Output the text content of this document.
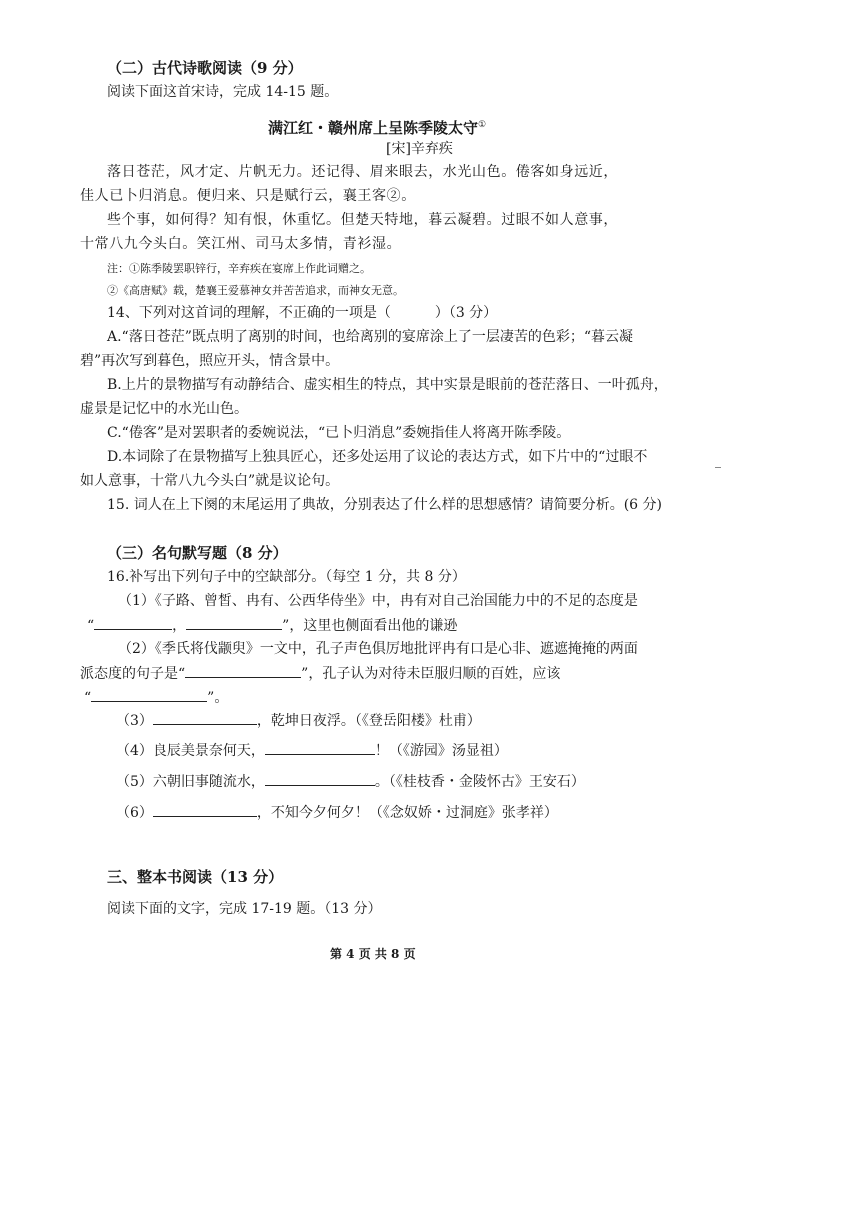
（二）古代诗歌阅读（9 分）
阅读下面这首宋诗，完成 14-15 题。
满江红・赣州席上呈陈季陵太守①
[宋]辛弃疾
落日苍茫，风才定、片帆无力。还记得、眉来眼去，水光山色。倦客如身远近，
佳人已卜归消息。便归来、只是赋行云，襄王客②。
些个事，如何得？知有恨，休重忆。但楚天特地，暮云凝碧。过眼不如人意事，
十常八九今头白。笑江州、司马太多情，青衫湿。
注：①陈季陵罢职锌行，辛弃疾在宴席上作此词赠之。
②《高唐赋》载，楚襄王爱慕神女并苦苦追求，而神女无意。
14、下列对这首词的理解，不正确的一项是（	）（3 分）
A.“落日苍茫”既点明了离别的时间，也给离别的宴席涂上了一层凄苦的色彩；“暮云凝
碧”再次写到暮色，照应开头，情含景中。
B.上片的景物描写有动静结合、虚实相生的特点，其中实景是眼前的苍茫落日、一叶孤舟，
虚景是记忆中的水光山色。
C.“倦客”是对罢职者的委婉说法，“已卜归消息”委婉指佳人将离开陈季陵。
D.本词除了在景物描写上独具匠心，还多处运用了议论的表达方式，如下片中的“过眼不
如人意事，十常八九今头白”就是议论句。
15. 词人在上下阕的末尾运用了典故，分别表达了什么样的思想感情？请简要分析。(6 分)
（三）名句默写题（8 分）
16.补写出下列句子中的空缺部分。（每空 1 分，共 8 分）
（1）《子路、曾皙、冉有、公西华侍坐》中，冉有对自己治国能力中的不足的态度是
“	，	”，这里也侧面看出他的谦逊
（2）《季氏将伐颛臾》一文中，孔子声色俱厉地批评冉有口是心非、遮遮掩掩的两面
派态度的句子是“	”，孔子认为对待未臣服归顺的百姓，应该
“	”。
（3）	，乾坤日夜浮。（《登岳阳楼》杜甫）
（4）良辰美景奈何天，	！（《游园》汤显祖）
（5）六朝旧事随流水，	。（《桂枝香・金陵怀古》王安石）
（6）	，不知今夕何夕！（《念奴娇・过洞庭》张孝祥）
三、整本书阅读（13 分）
阅读下面的文字，完成 17-19 题。（13 分）
第 4 页 共 8 页
